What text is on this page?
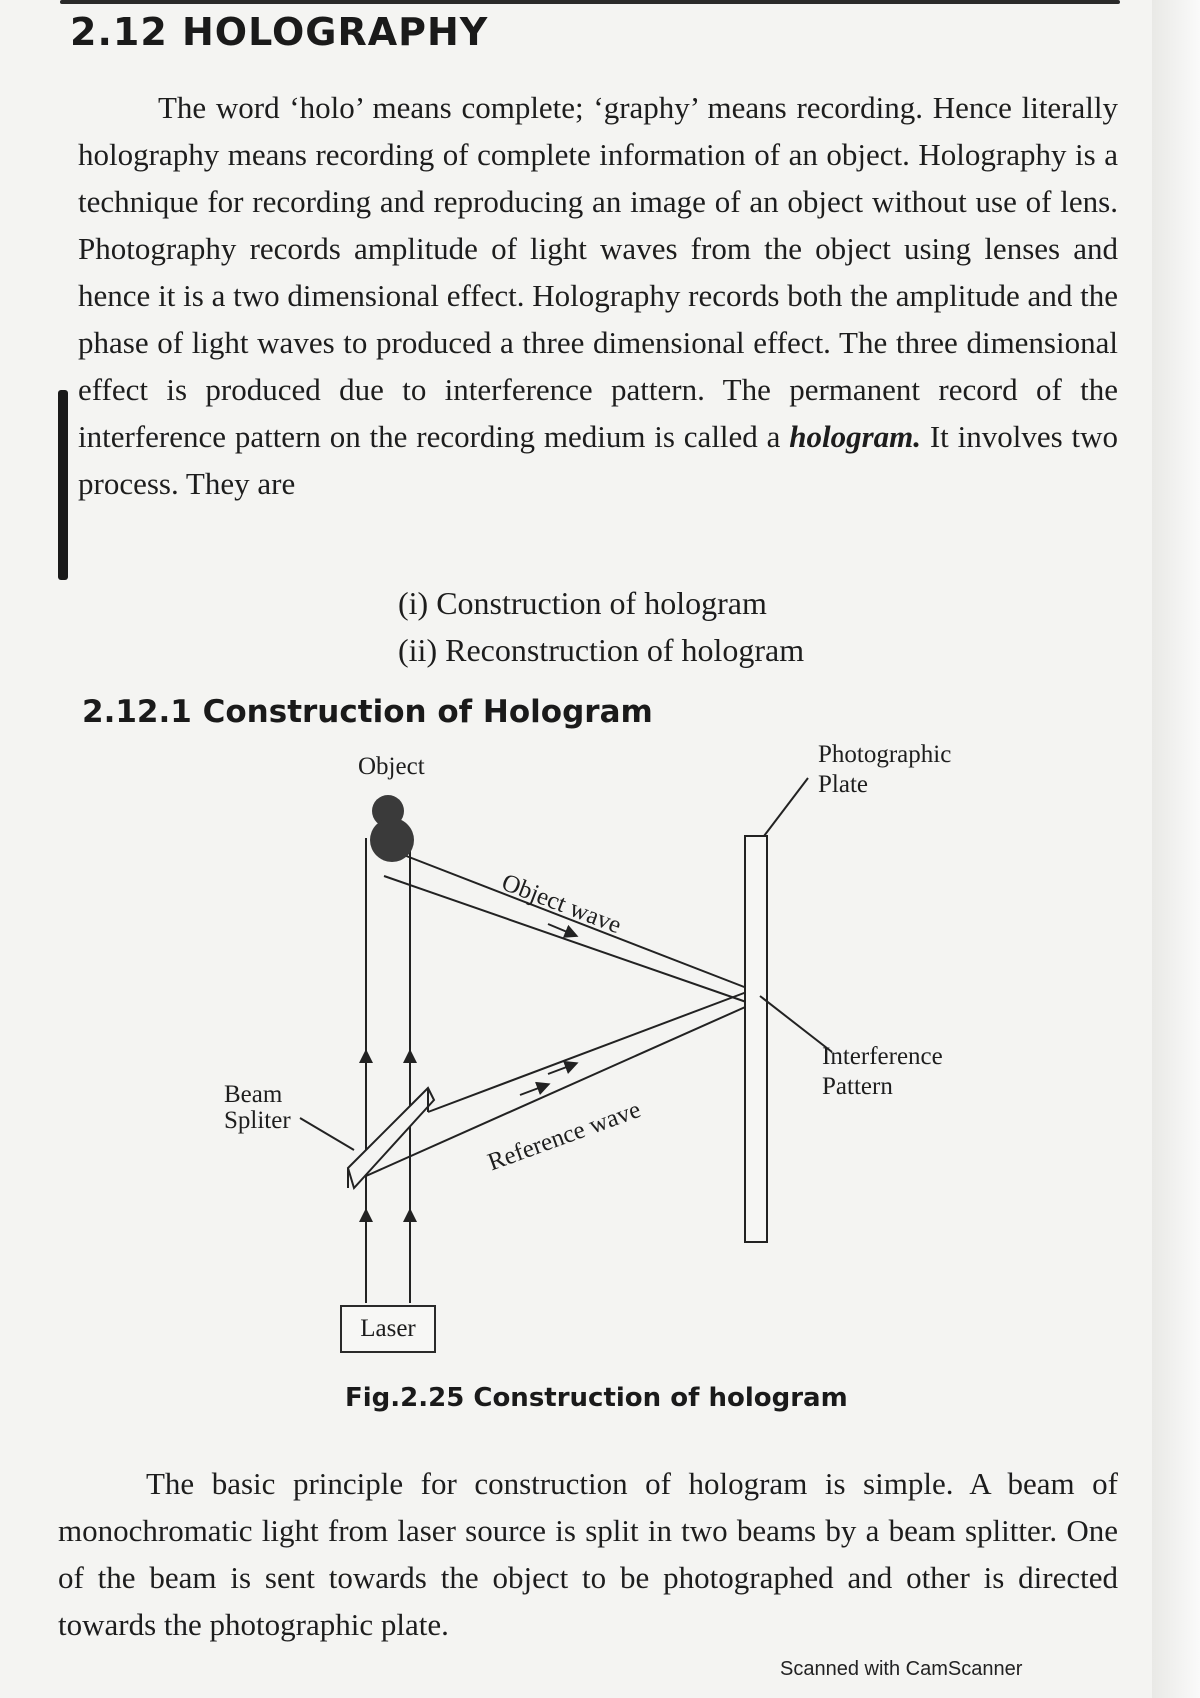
2.12 HOLOGRAPHY
The word ‘holo’ means complete; ‘graphy’ means recording. Hence literally holography means recording of complete information of an object. Holography is a technique for recording and reproducing an image of an object without use of lens. Photography records amplitude of light waves from the object using lenses and hence it is a two dimensional effect. Holography records both the amplitude and the phase of light waves to produced a three dimensional effect. The three dimensional effect is produced due to interference pattern. The permanent record of the interference pattern on the recording medium is called a hologram. It involves two process. They are
(i) Construction of hologram
(ii) Reconstruction of hologram
2.12.1 Construction of Hologram
Object
Object wave
Photographic
Plate
Interference
Pattern
Reference wave
Beam
Spliter
Laser
Fig.2.25 Construction of hologram
The basic principle for construction of hologram is simple. A beam of monochromatic light from laser source is split in two beams by a beam splitter. One of the beam is sent towards the object to be photographed and other is directed towards the photographic plate.
Scanned with CamScanner
